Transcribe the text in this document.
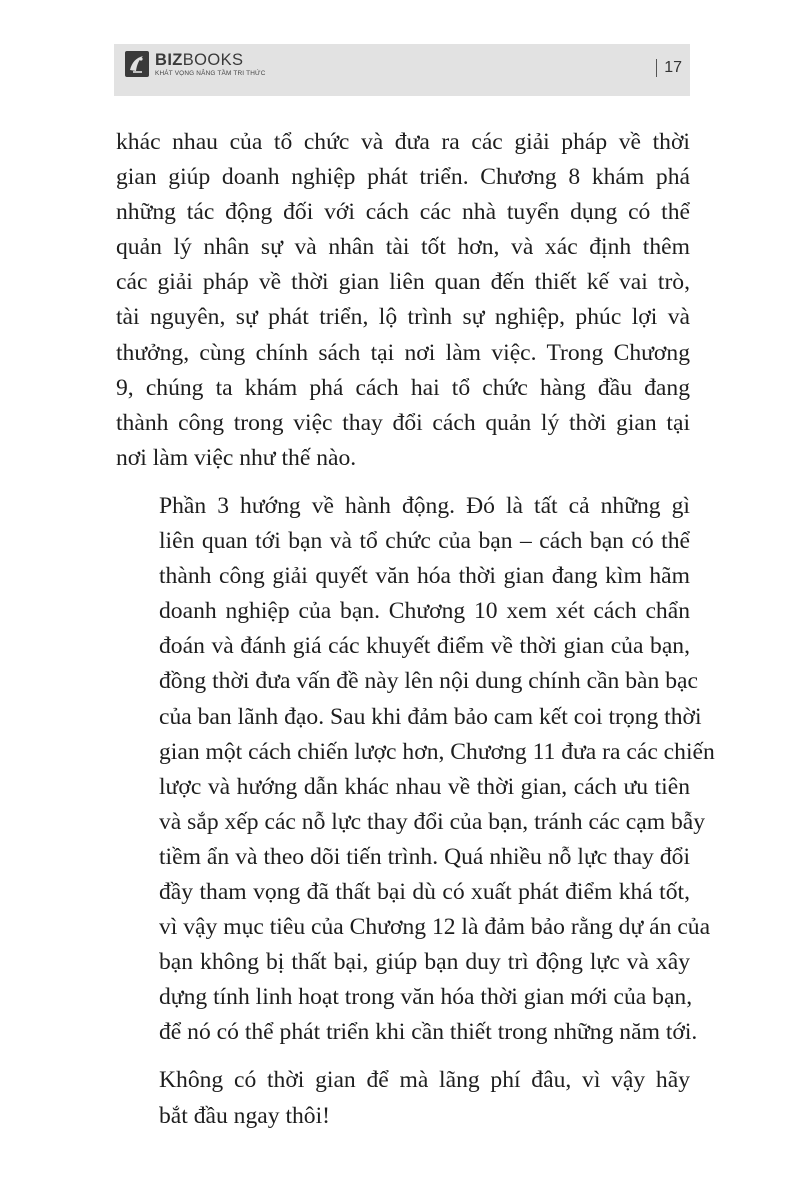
BIZBOOKS
KHÁT VỌNG NÂNG TẦM TRI THỨC	17

khác nhau của tổ chức và đưa ra các giải pháp về thời
gian giúp doanh nghiệp phát triển. Chương 8 khám phá
những tác động đối với cách các nhà tuyển dụng có thể
quản lý nhân sự và nhân tài tốt hơn, và xác định thêm
các giải pháp về thời gian liên quan đến thiết kế vai trò,
tài nguyên, sự phát triển, lộ trình sự nghiệp, phúc lợi và
thưởng, cùng chính sách tại nơi làm việc. Trong Chương
9, chúng ta khám phá cách hai tổ chức hàng đầu đang
thành công trong việc thay đổi cách quản lý thời gian tại
nơi làm việc như thế nào.

Phần 3 hướng về hành động. Đó là tất cả những gì
liên quan tới bạn và tổ chức của bạn – cách bạn có thể
thành công giải quyết văn hóa thời gian đang kìm hãm
doanh nghiệp của bạn. Chương 10 xem xét cách chẩn
đoán và đánh giá các khuyết điểm về thời gian của bạn,
đồng thời đưa vấn đề này lên nội dung chính cần bàn bạc
của ban lãnh đạo. Sau khi đảm bảo cam kết coi trọng thời
gian một cách chiến lược hơn, Chương 11 đưa ra các chiến
lược và hướng dẫn khác nhau về thời gian, cách ưu tiên
và sắp xếp các nỗ lực thay đổi của bạn, tránh các cạm bẫy
tiềm ẩn và theo dõi tiến trình. Quá nhiều nỗ lực thay đổi
đầy tham vọng đã thất bại dù có xuất phát điểm khá tốt,
vì vậy mục tiêu của Chương 12 là đảm bảo rằng dự án của
bạn không bị thất bại, giúp bạn duy trì động lực và xây
dựng tính linh hoạt trong văn hóa thời gian mới của bạn,
để nó có thể phát triển khi cần thiết trong những năm tới.

Không có thời gian để mà lãng phí đâu, vì vậy hãy
bắt đầu ngay thôi!
